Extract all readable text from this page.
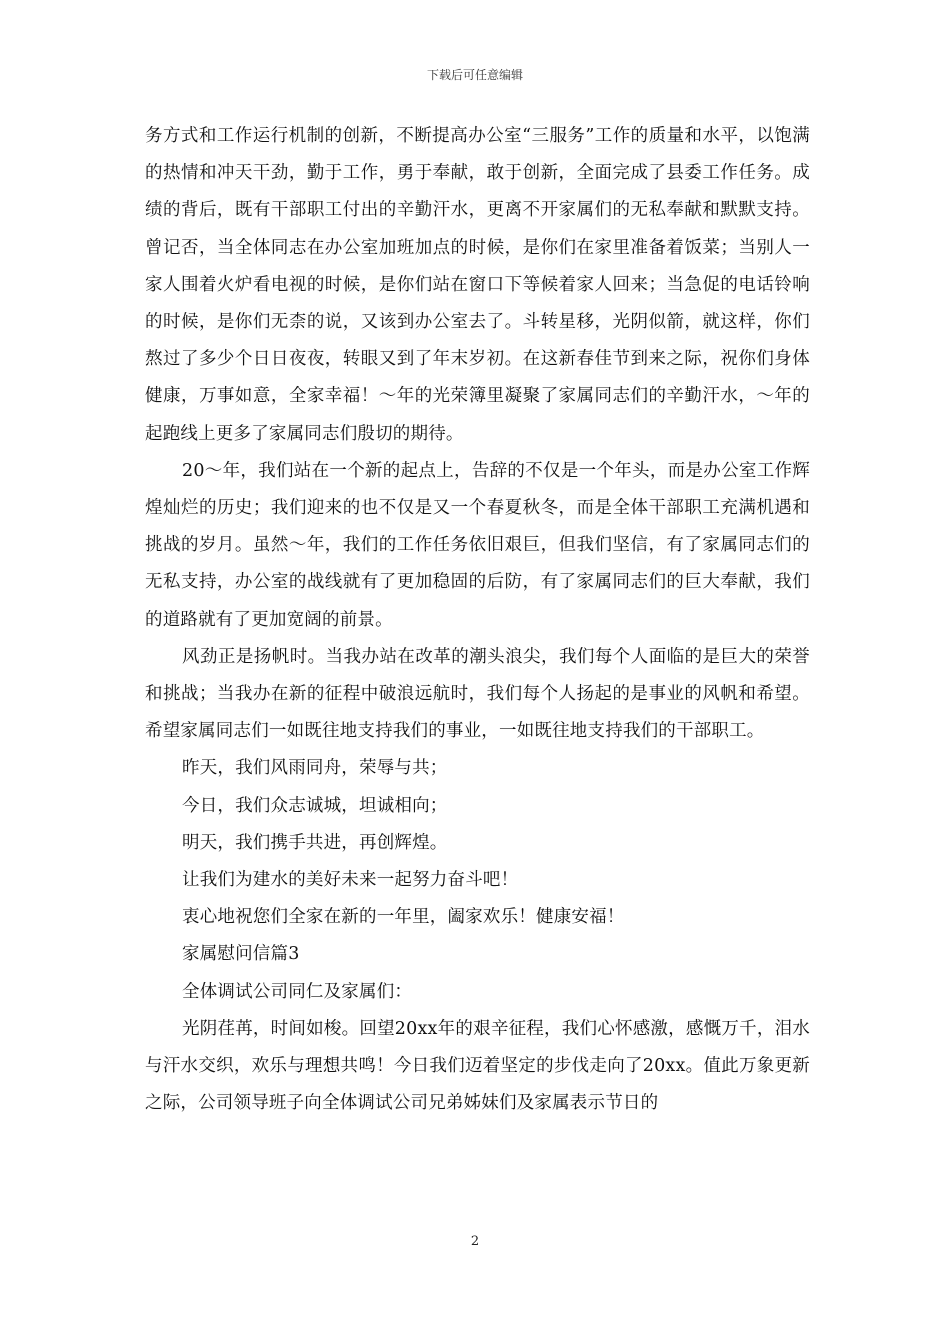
下载后可任意编辑

务方式和工作运行机制的创新，不断提高办公室“三服务”工作的质量和水平，以饱满的热情和冲天干劲，勤于工作，勇于奉献，敢于创新，全面完成了县委工作任务。成绩的背后，既有干部职工付出的辛勤汗水，更离不开家属们的无私奉献和默默支持。曾记否，当全体同志在办公室加班加点的时候，是你们在家里准备着饭菜；当别人一家人围着火炉看电视的时候，是你们站在窗口下等候着家人回来；当急促的电话铃响的时候，是你们无柰的说，又该到办公室去了。斗转星移，光阴似箭，就这样，你们熬过了多少个日日夜夜，转眼又到了年末岁初。在这新春佳节到来之际，祝你们身体健康，万事如意，全家幸福！～年的光荣簿里凝聚了家属同志们的辛勤汗水，～年的起跑线上更多了家属同志们殷切的期待。

20～年，我们站在一个新的起点上，告辞的不仅是一个年头，而是办公室工作辉煌灿烂的历史；我们迎来的也不仅是又一个春夏秋冬，而是全体干部职工充满机遇和挑战的岁月。虽然～年，我们的工作任务依旧艰巨，但我们坚信，有了家属同志们的无私支持，办公室的战线就有了更加稳固的后防，有了家属同志们的巨大奉献，我们的道路就有了更加宽阔的前景。

风劲正是扬帆时。当我办站在改革的潮头浪尖，我们每个人面临的是巨大的荣誉和挑战；当我办在新的征程中破浪远航时，我们每个人扬起的是事业的风帆和希望。希望家属同志们一如既往地支持我们的事业，一如既往地支持我们的干部职工。

昨天，我们风雨同舟，荣辱与共；

今日，我们众志诚城，坦诚相向；

明天，我们携手共进，再创辉煌。

让我们为建水的美好未来一起努力奋斗吧！

衷心地祝您们全家在新的一年里，阖家欢乐！健康安福！

家属慰问信篇3

全体调试公司同仁及家属们：

光阴荏苒，时间如梭。回望20xx年的艰辛征程，我们心怀感激，感慨万千，泪水与汗水交织，欢乐与理想共鸣！今日我们迈着坚定的步伐走向了20xx。值此万象更新之际，公司领导班子向全体调试公司兄弟姊妹们及家属表示节日的

2
